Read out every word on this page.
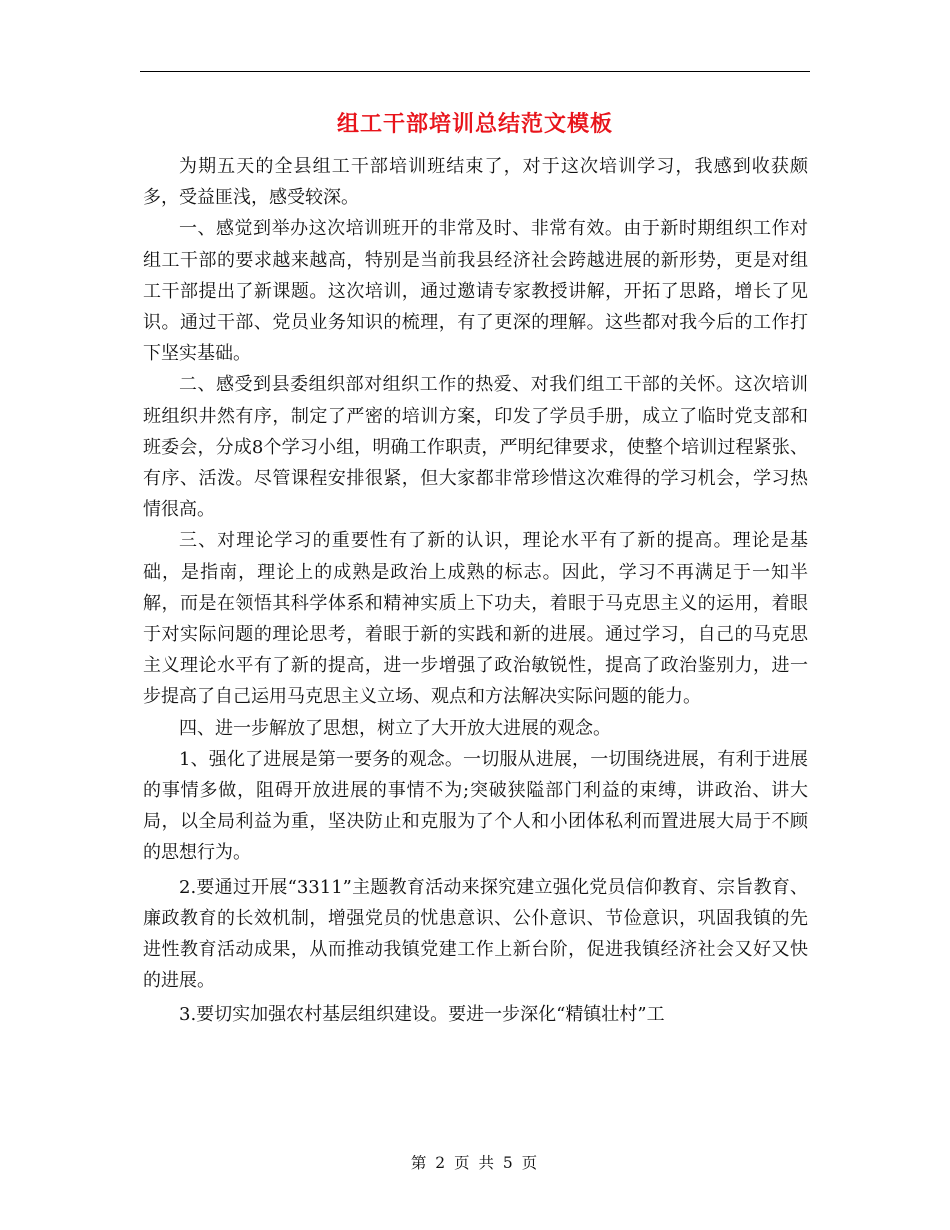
组工干部培训总结范文模板

为期五天的全县组工干部培训班结束了，对于这次培训学习，我感到收获颇多，受益匪浅，感受较深。

一、感觉到举办这次培训班开的非常及时、非常有效。由于新时期组织工作对组工干部的要求越来越高，特别是当前我县经济社会跨越进展的新形势，更是对组工干部提出了新课题。这次培训，通过邀请专家教授讲解，开拓了思路，增长了见识。通过干部、党员业务知识的梳理，有了更深的理解。这些都对我今后的工作打下坚实基础。

二、感受到县委组织部对组织工作的热爱、对我们组工干部的关怀。这次培训班组织井然有序，制定了严密的培训方案，印发了学员手册，成立了临时党支部和班委会，分成8个学习小组，明确工作职责，严明纪律要求，使整个培训过程紧张、有序、活泼。尽管课程安排很紧，但大家都非常珍惜这次难得的学习机会，学习热情很高。

三、对理论学习的重要性有了新的认识，理论水平有了新的提高。理论是基础，是指南，理论上的成熟是政治上成熟的标志。因此，学习不再满足于一知半解，而是在领悟其科学体系和精神实质上下功夫，着眼于马克思主义的运用，着眼于对实际问题的理论思考，着眼于新的实践和新的进展。通过学习，自己的马克思主义理论水平有了新的提高，进一步增强了政治敏锐性，提高了政治鉴别力，进一步提高了自己运用马克思主义立场、观点和方法解决实际问题的能力。

四、进一步解放了思想，树立了大开放大进展的观念。

1、强化了进展是第一要务的观念。一切服从进展，一切围绕进展，有利于进展的事情多做，阻碍开放进展的事情不为;突破狭隘部门利益的束缚，讲政治、讲大局，以全局利益为重，坚决防止和克服为了个人和小团体私利而置进展大局于不顾的思想行为。

2.要通过开展“3311”主题教育活动来探究建立强化党员信仰教育、宗旨教育、廉政教育的长效机制，增强党员的忧患意识、公仆意识、节俭意识，巩固我镇的先进性教育活动成果，从而推动我镇党建工作上新台阶，促进我镇经济社会又好又快的进展。

3.要切实加强农村基层组织建设。要进一步深化“精镇壮村”工

第 2 页 共 5 页
